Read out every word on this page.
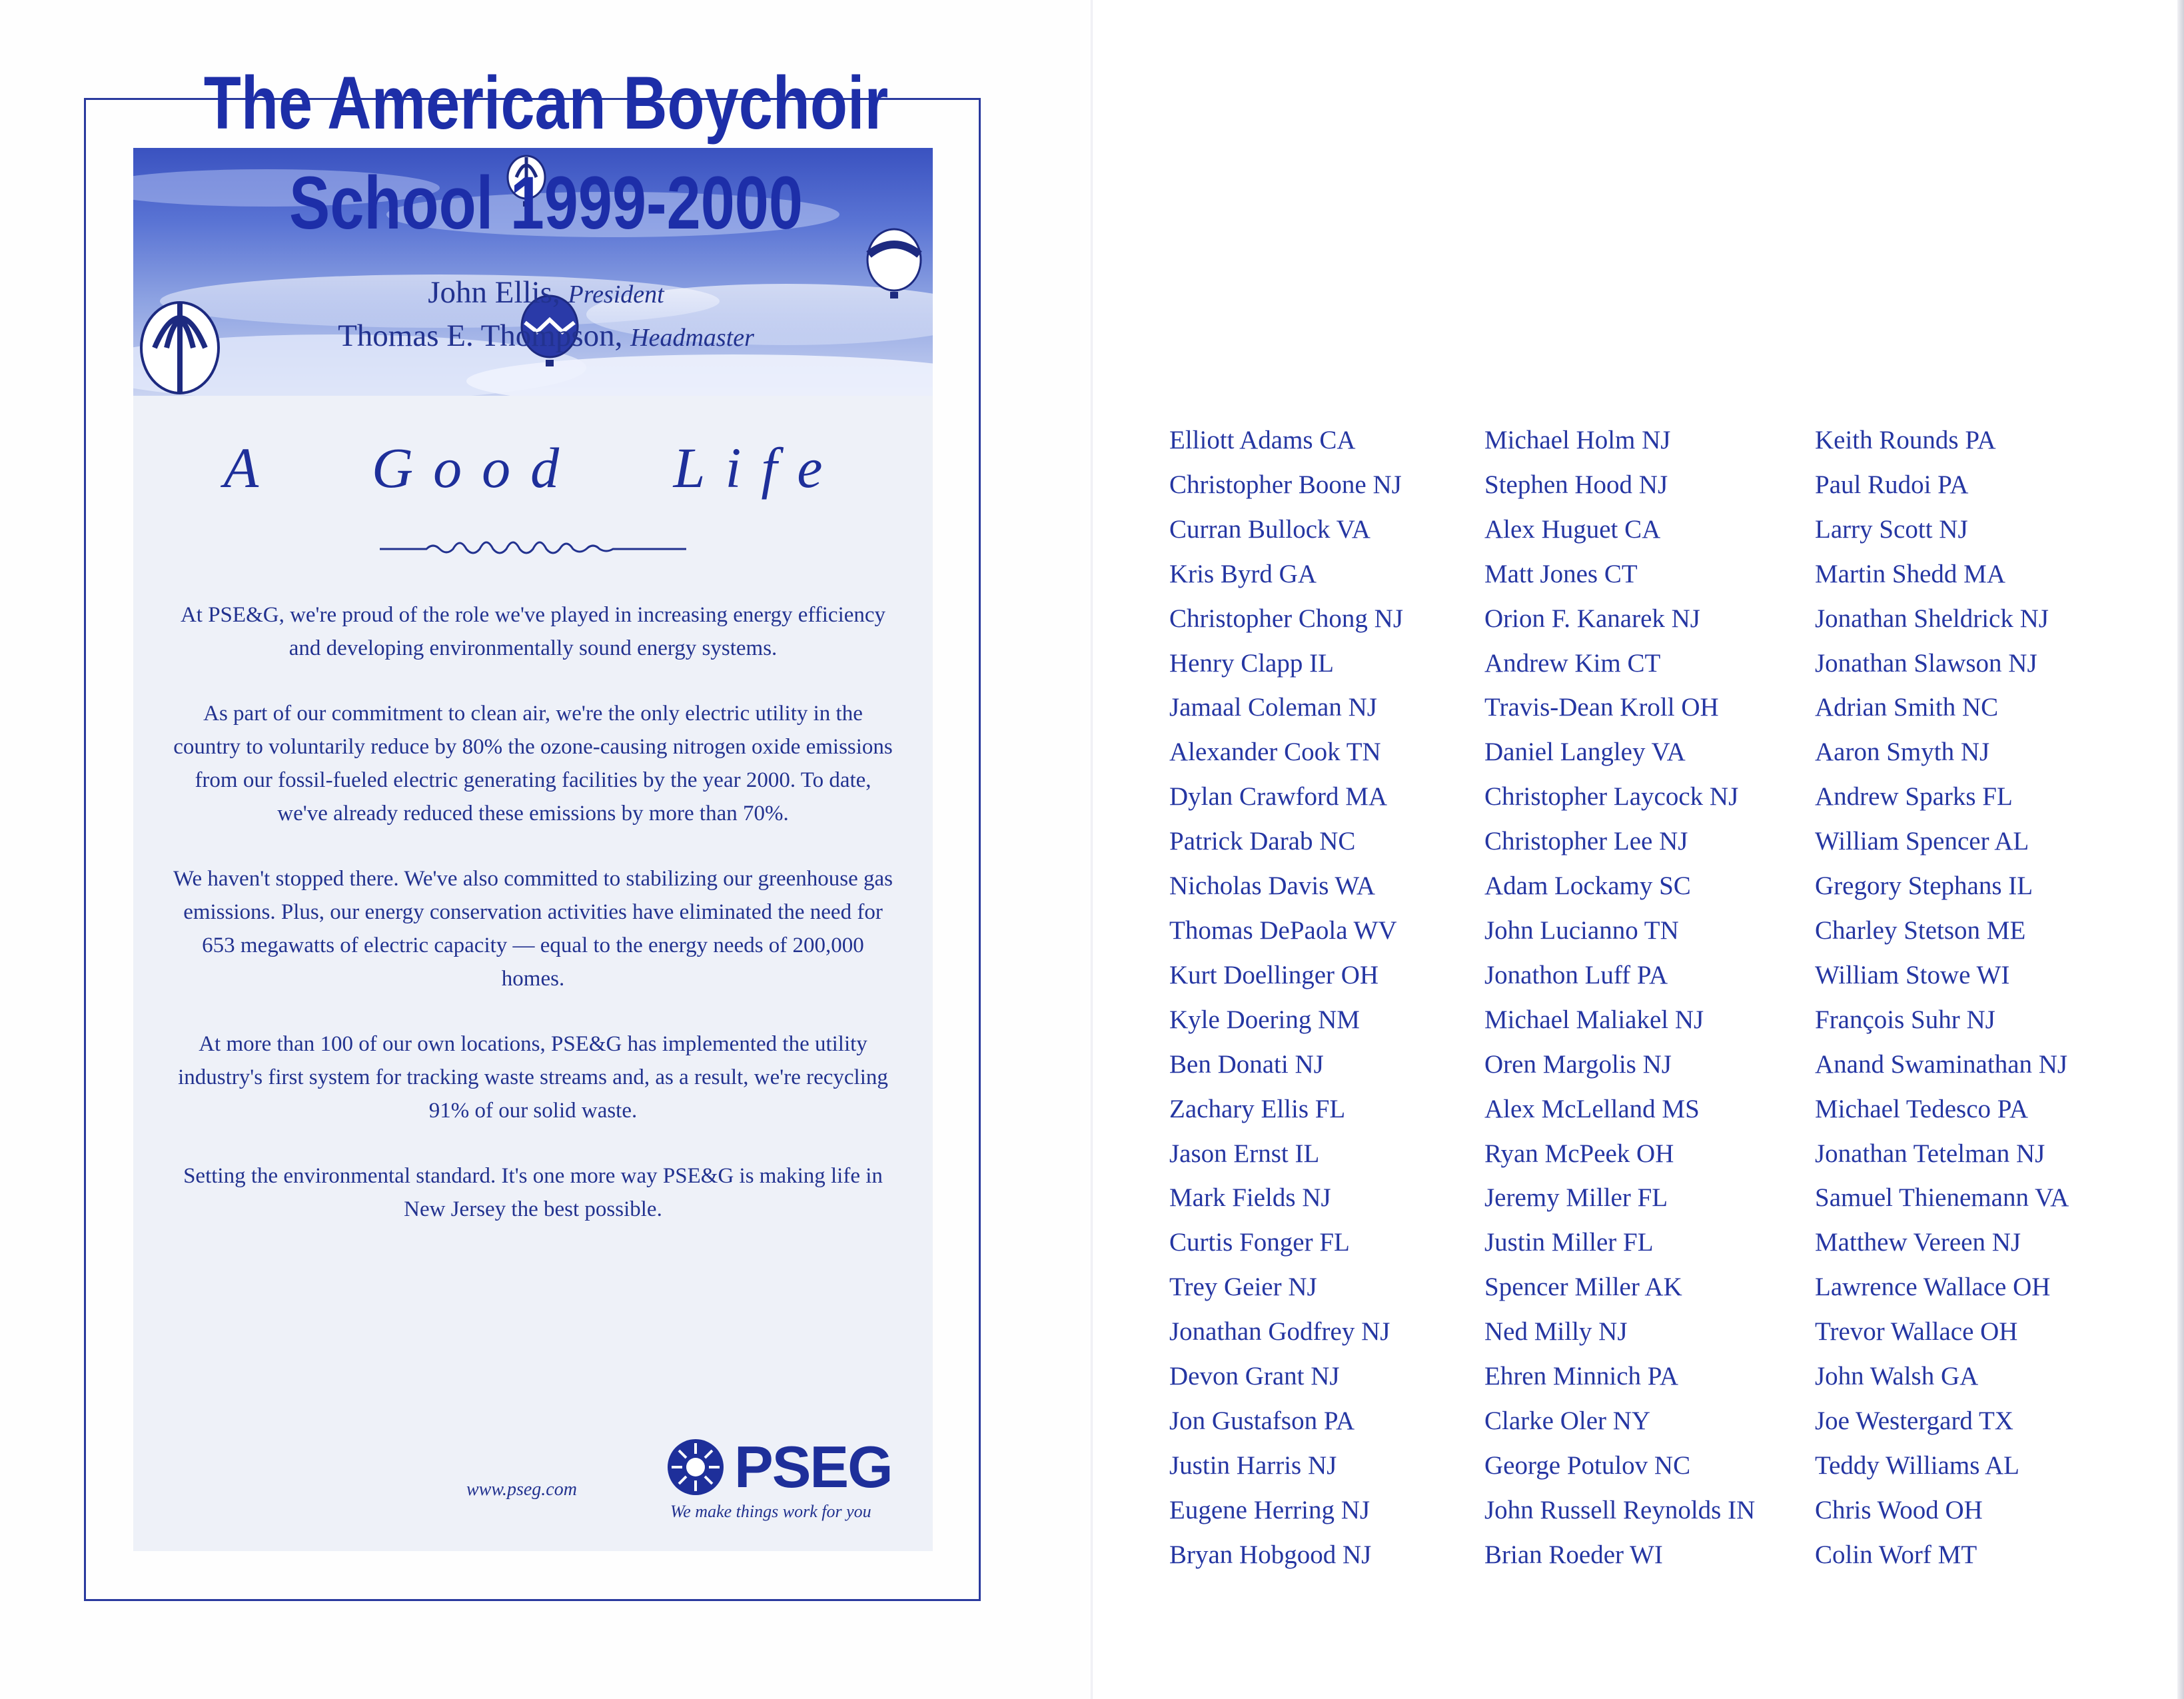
A Good Life

At PSE&G, we're proud of the role we've played in increasing energy efficiency and developing environmentally sound energy systems.

As part of our commitment to clean air, we're the only electric utility in the country to voluntarily reduce by 80% the ozone-causing nitrogen oxide emissions from our fossil-fueled electric generating facilities by the year 2000. To date, we've already reduced these emissions by more than 70%.

We haven't stopped there. We've also committed to stabilizing our greenhouse gas emissions. Plus, our energy conservation activities have eliminated the need for 653 megawatts of electric capacity — equal to the energy needs of 200,000 homes.

At more than 100 of our own locations, PSE&G has implemented the utility industry's first system for tracking waste streams and, as a result, we're recycling 91% of our solid waste.

Setting the environmental standard. It's one more way PSE&G is making life in New Jersey the best possible.

www.pseg.com	PSEG
We make things work for you
The American Boychoir
School 1999-2000
John Ellis, President
Thomas E. Thompson, Headmaster
Elliott Adams CA
Christopher Boone NJ
Curran Bullock VA
Kris Byrd GA
Christopher Chong NJ
Henry Clapp IL
Jamaal Coleman NJ
Alexander Cook TN
Dylan Crawford MA
Patrick Darab NC
Nicholas Davis WA
Thomas DePaola WV
Kurt Doellinger OH
Kyle Doering NM
Ben Donati NJ
Zachary Ellis FL
Jason Ernst IL
Mark Fields NJ
Curtis Fonger FL
Trey Geier NJ
Jonathan Godfrey NJ
Devon Grant NJ
Jon Gustafson PA
Justin Harris NJ
Eugene Herring NJ
Bryan Hobgood NJ
Michael Holm NJ
Stephen Hood NJ
Alex Huguet CA
Matt Jones CT
Orion F. Kanarek NJ
Andrew Kim CT
Travis-Dean Kroll OH
Daniel Langley VA
Christopher Laycock NJ
Christopher Lee NJ
Adam Lockamy SC
John Lucianno TN
Jonathon Luff PA
Michael Maliakel NJ
Oren Margolis NJ
Alex McLelland MS
Ryan McPeek OH
Jeremy Miller FL
Justin Miller FL
Spencer Miller AK
Ned Milly NJ
Ehren Minnich PA
Clarke Oler NY
George Potulov NC
John Russell Reynolds IN
Brian Roeder WI
Keith Rounds PA
Paul Rudoi PA
Larry Scott NJ
Martin Shedd MA
Jonathan Sheldrick NJ
Jonathan Slawson NJ
Adrian Smith NC
Aaron Smyth NJ
Andrew Sparks FL
William Spencer AL
Gregory Stephans IL
Charley Stetson ME
William Stowe WI
François Suhr NJ
Anand Swaminathan NJ
Michael Tedesco PA
Jonathan Tetelman NJ
Samuel Thienemann VA
Matthew Vereen NJ
Lawrence Wallace OH
Trevor Wallace OH
John Walsh GA
Joe Westergard TX
Teddy Williams AL
Chris Wood OH
Colin Worf MT
